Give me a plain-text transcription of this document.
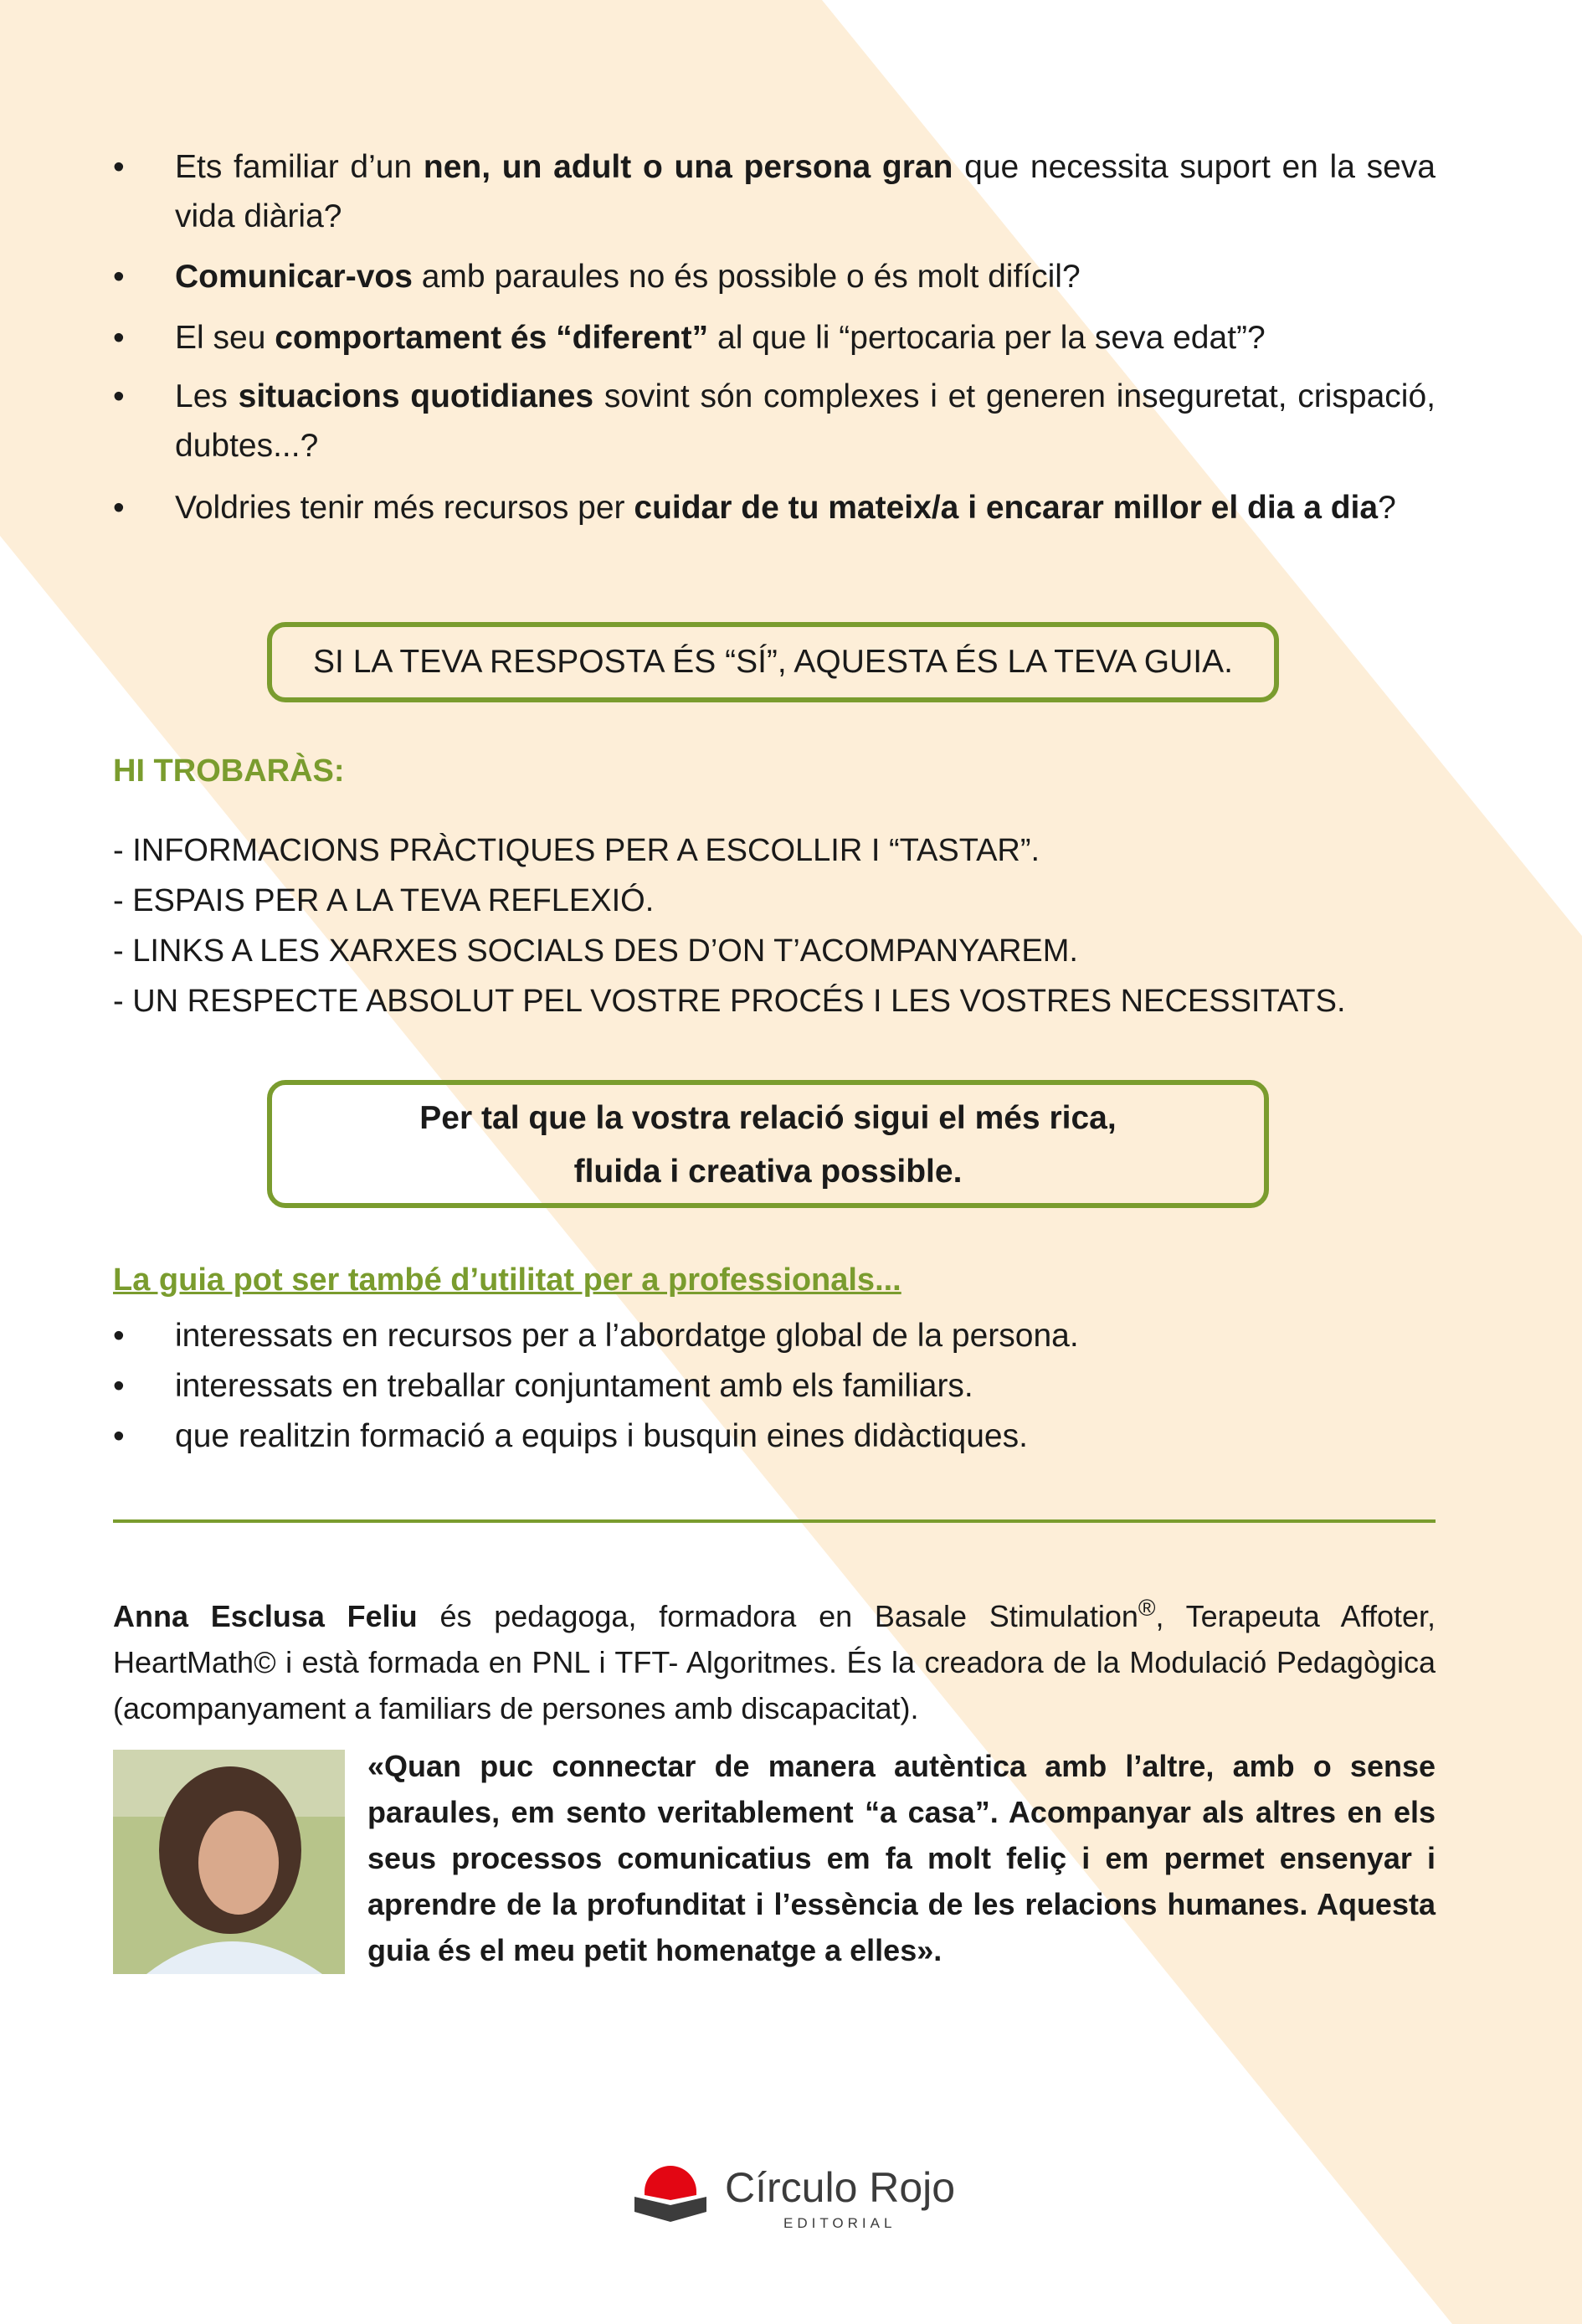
•	Ets familiar d’un nen, un adult o una persona gran que necessita suport en la seva vida diària?
•	Comunicar-vos amb paraules no és possible o és molt difícil?
•	El seu comportament és “diferent” al que li “pertocaria per la seva edat”?
•	Les situacions quotidianes sovint són complexes i et generen inseguretat, crispació, dubtes...?
•	Voldries tenir més recursos per cuidar de tu mateix/a i encarar millor el dia a dia?
SI LA TEVA RESPOSTA ÉS “SÍ”, AQUESTA ÉS LA TEVA GUIA.
HI TROBARÀS:
- INFORMACIONS PRÀCTIQUES PER A ESCOLLIR I “TASTAR”.
- ESPAIS PER A LA TEVA REFLEXIÓ.
- LINKS A LES XARXES SOCIALS DES D’ON T’ACOMPANYAREM.
- UN RESPECTE ABSOLUT PEL VOSTRE PROCÉS I LES VOSTRES NECESSITATS.
Per tal que la vostra relació sigui el més rica,
fluida i creativa possible.
La guia pot ser també d’utilitat per a professionals...
•	interessats en recursos per a l’abordatge global de la persona.
•	interessats en treballar conjuntament amb els familiars.
•	que realitzin formació a equips i busquin eines didàctiques.
Anna Esclusa Feliu és pedagoga, formadora en Basale Stimulation®, Terapeuta Affoter, HeartMath© i està formada en PNL i TFT- Algoritmes. És la creadora de la Modulació Pedagògica (acompanyament a familiars de persones amb discapacitat).
«Quan puc connectar de manera autèntica amb l’altre, amb o sense paraules, em sento veritablement “a casa”. Acompanyar als altres en els seus processos comunicatius em fa molt feliç i em permet ensenyar i aprendre de la profunditat i l’essència de les relacions humanes. Aquesta guia és el meu petit homenatge a elles».
Círculo Rojo
EDITORIAL
